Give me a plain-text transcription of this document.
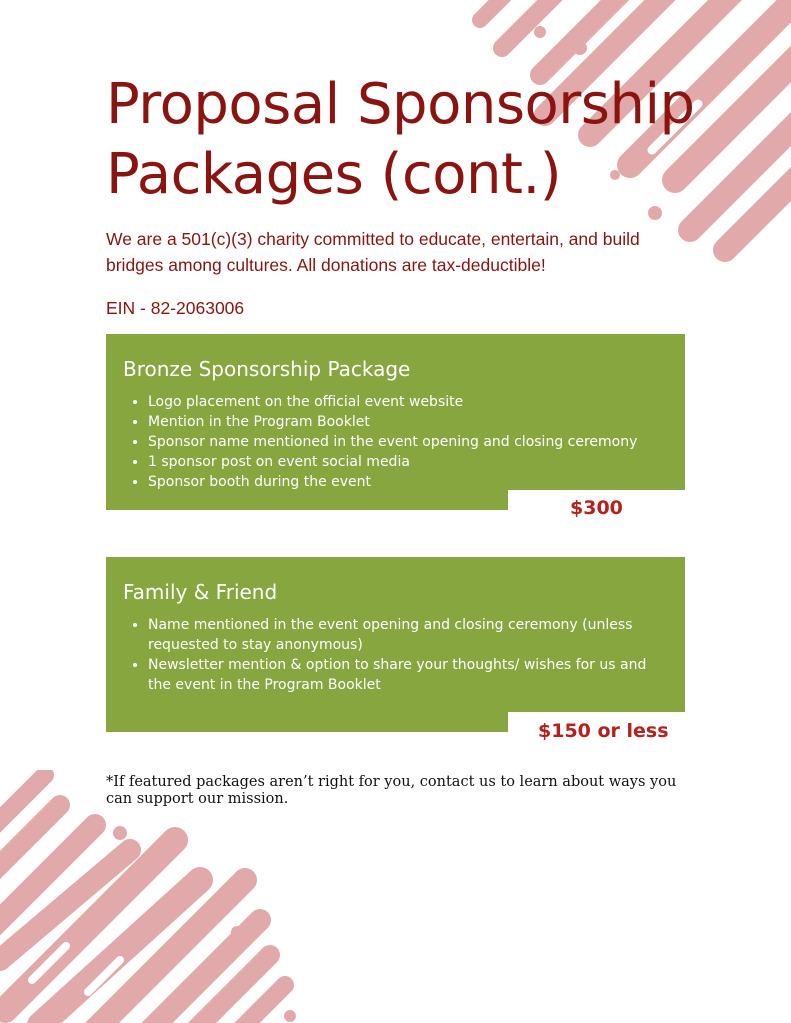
Proposal Sponsorship
Packages (cont.)

We are a 501(c)(3) charity committed to educate, entertain, and build bridges among cultures. All donations are tax-deductible!

EIN - 82-2063006

Bronze Sponsorship Package
• Logo placement on the official event website
• Mention in the Program Booklet
• Sponsor name mentioned in the event opening and closing ceremony
• 1 sponsor post on event social media
• Sponsor booth during the event
$300
Family & Friend
• Name mentioned in the event opening and closing ceremony (unless requested to stay anonymous)
• Newsletter mention & option to share your thoughts/ wishes for us and the event in the Program Booklet
$150 or less

*If featured packages aren’t right for you, contact us to learn about ways you can support our mission.
